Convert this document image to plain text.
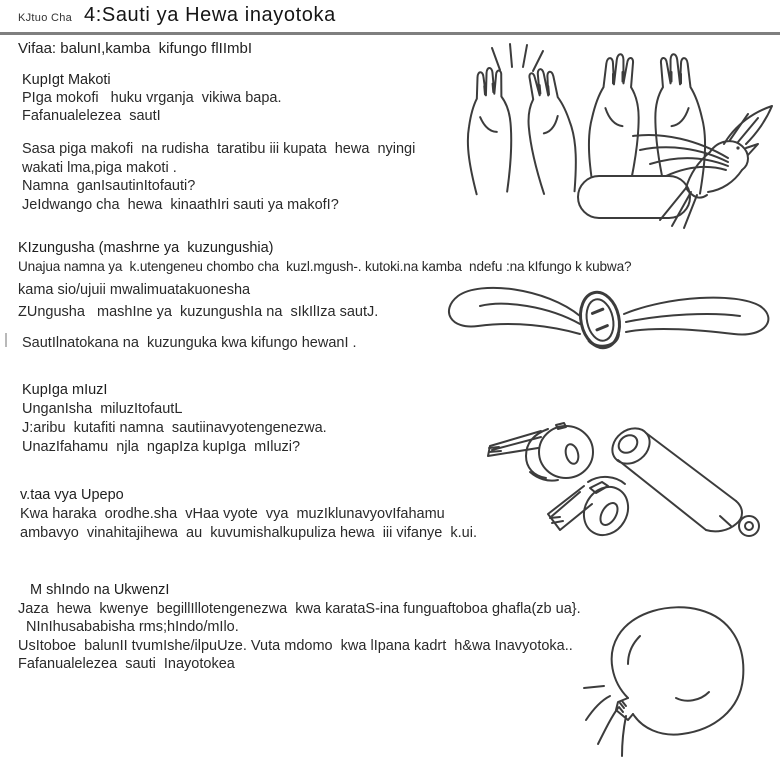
KJtuo Cha 4:Sauti ya Hewa inayotoka
Vifaa: balunI,kamba  kifungo flIImbI
KupIgt Makoti
PIga mokofi   huku vrganja  vikiwa bapa.
Fafanualelezea  sautI
Sasa piga makofi  na rudisha  taratibu iii kupata  hewa  nyingi
wakati lma,piga makoti .
Namna  ganIsautinItofauti?
JeIdwango cha  hewa  kinaathIri sauti ya makofI?
KIzungusha (mashrne ya  kuzungushia)
Unajua namna ya  k.utengeneu chombo cha  kuzl.mgush-. kutoki.na kamba  ndefu :na kIfungo k kubwa?
kama sio/ujuii mwalimuatakuonesha
ZUngusha   mashIne ya  kuzungushIa na  sIkIlIza sautJ.
SautIlnatokana na  kuzunguka kwa kifungo hewanI .
KupIga mIuzI
UnganIsha  miluzItofautL
J:aribu  kutafiti namna  sautiinavyotengenezwa.
UnazIfahamu  njla  ngapIza kupIga  mIluzi?
v.taa vya Upepo
Kwa haraka  orodhe.sha  vHaa vyote  vya  muzIklunavyovIfahamu
ambavyo  vinahitajihewa  au  kuvumishalkupuliza hewa  iii vifanye  k.ui.
M shIndo na UkwenzI
Jaza  hewa  kwenye  begillIllotengenezwa  kwa karataS-ina funguaftoboa ghafla(zb ua}.
NInIhusababisha rms;hIndo/mIlo.
UsItoboe  balunII tvumIshe/ilpuUze. Vuta mdomo  kwa lIpana kadrt  h&wa Inavyotoka..
Fafanualelezea  sauti  Inayotokea
